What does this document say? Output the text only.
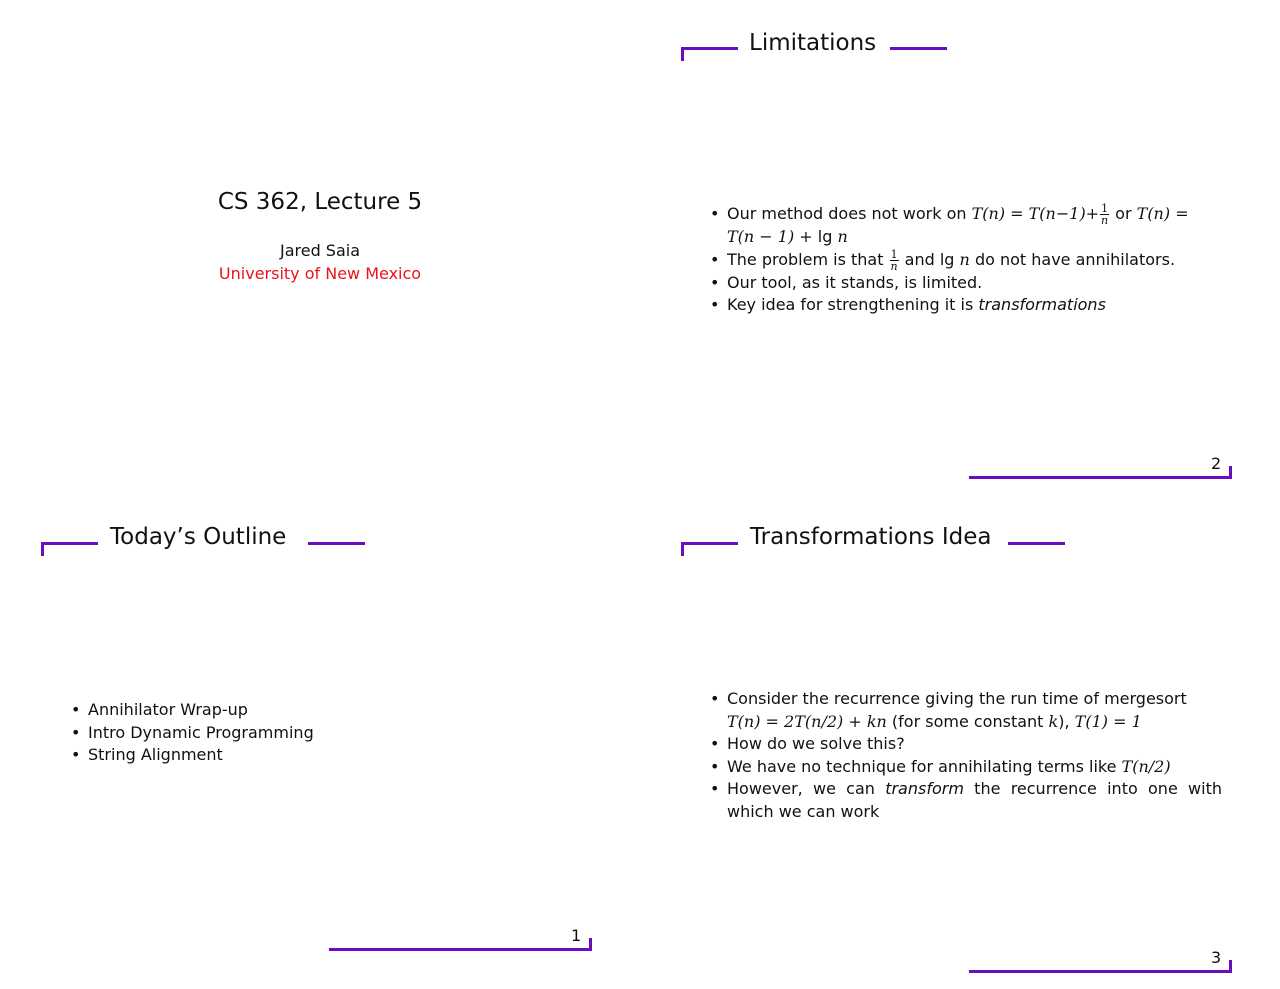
CS 362, Lecture 5
Jared Saia
University of New Mexico
Limitations
• Our method does not work on $T(n) = T(n-1)+ \frac{1}{n}$ or T(n) =
T(n − 1) + lg n
• The problem is that $\frac{1}{n}$ and lg n do not have annihilators.
• Our tool, as it stands, is limited.
• Key idea for strengthening it is transformations
2
Today’s Outline
• Annihilator Wrap-up
• Intro Dynamic Programming
• String Alignment
1
Transformations Idea
• Consider the recurrence giving the run time of mergesort
T(n) = 2T(n/2) + kn (for some constant k), T(1) = 1
• How do we solve this?
• We have no technique for annihilating terms like T(n/2)
• However, we can transform the recurrence into one with which we can work
3
